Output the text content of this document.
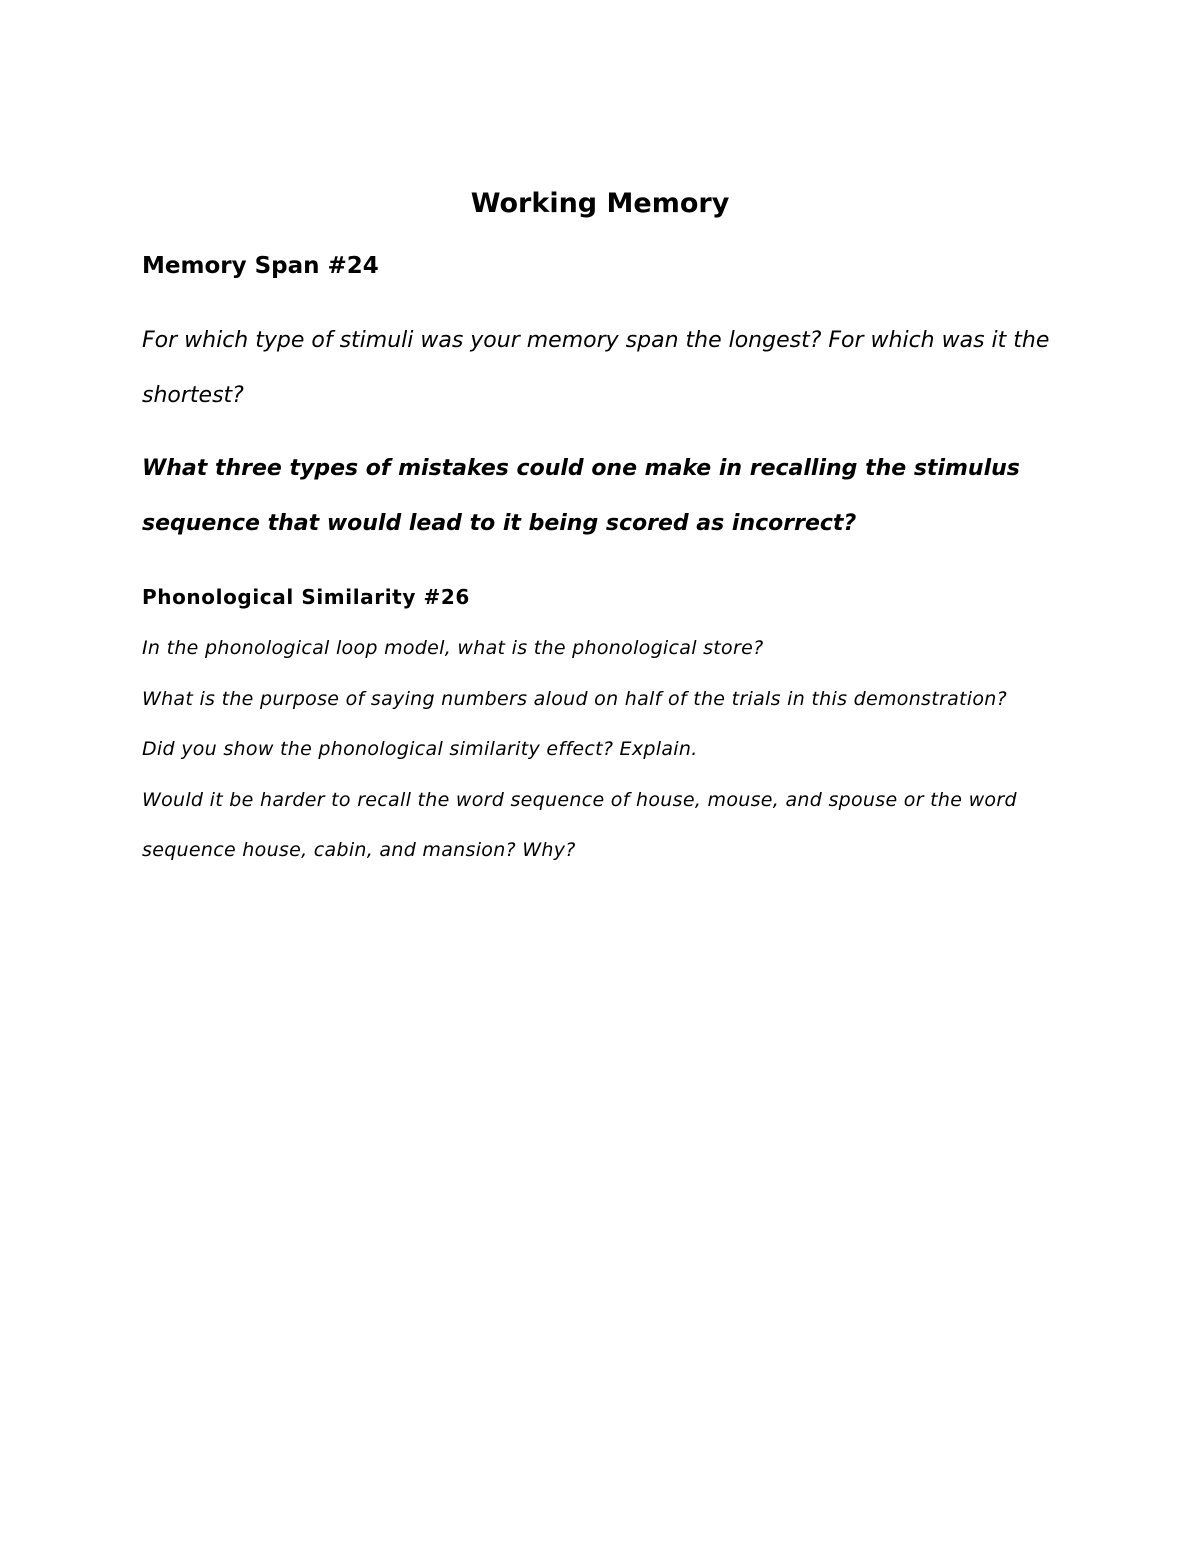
Working Memory
Memory Span #24

For which type of stimuli was your memory span the longest? For which was it the shortest?

What three types of mistakes could one make in recalling the stimulus sequence that would lead to it being scored as incorrect?

Phonological Similarity #26
In the phonological loop model, what is the phonological store?
What is the purpose of saying numbers aloud on half of the trials in this demonstration?
Did you show the phonological similarity effect? Explain.
Would it be harder to recall the word sequence of house, mouse, and spouse or the word sequence house, cabin, and mansion? Why?
